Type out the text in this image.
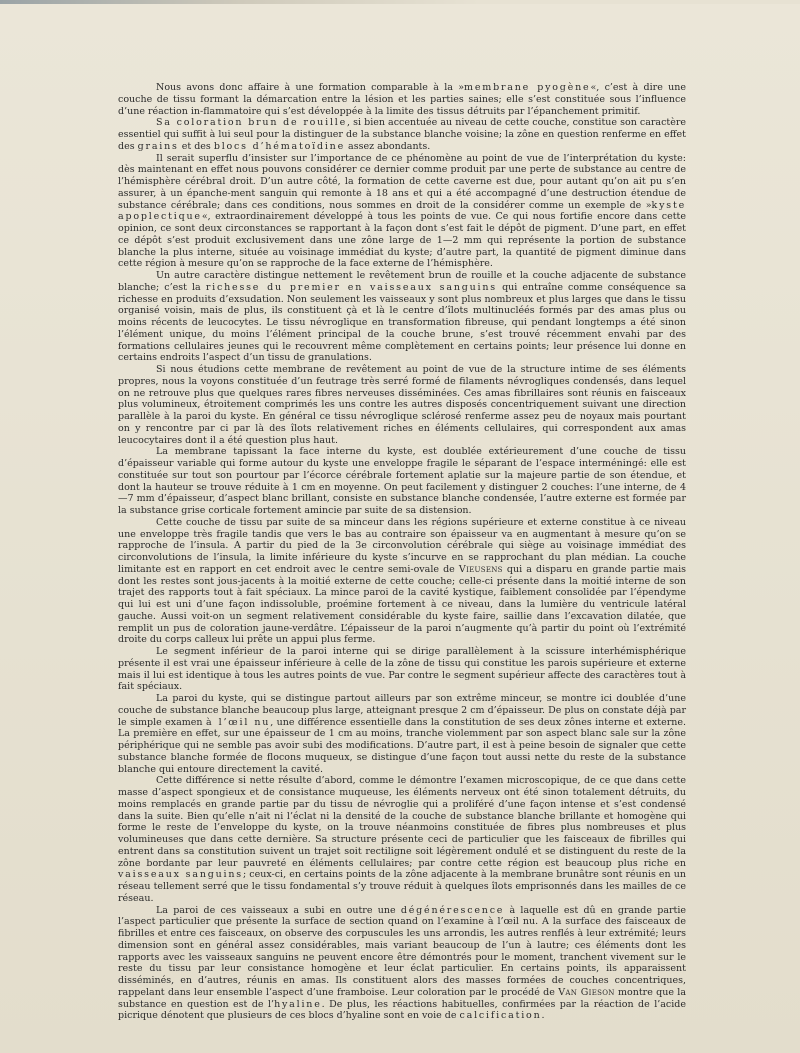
Nous avons donc affaire à une formation comparable à la »membrane pyogène«, c’est à dire une couche de tissu formant la démarcation entre la lésion et les parties saines; elle s’est constituée sous l’influence d’une réaction in-flammatoire qui s’est développée à la limite des tissus détruits par l’épanchement primitif.

Sa coloration brun de rouille, si bien accentuée au niveau de cette couche, constitue son caractère essentiel qui suffit à lui seul pour la distinguer de la substance blanche voisine; la zône en question renferme en effet des grains et des blocs d’hématoïdine assez abondants.

Il serait superflu d’insister sur l’importance de ce phénomène au point de vue de l’interprétation du kyste: dès maintenant en effet nous pouvons considérer ce dernier comme produit par une perte de substance au centre de l’hémisphère cérébral droit. D’un autre côté, la formation de cette caverne est due, pour autant qu’on ait pu s’en assurer, à un épanche-ment sanguin qui remonte à 18 ans et qui a été accompagné d’une destruction étendue de substance cérébrale; dans ces conditions, nous sommes en droit de la considérer comme un exemple de »kyste apoplectique«, extraordinairement développé à tous les points de vue. Ce qui nous fortifie encore dans cette opinion, ce sont deux circonstances se rapportant à la façon dont s’est fait le dépôt de pigment. D’une part, en effet ce dépôt s’est produit exclusivement dans une zône large de 1—2 mm qui représente la portion de substance blanche la plus interne, située au voisinage immédiat du kyste; d’autre part, la quantité de pigment diminue dans cette région à mesure qu’on se rapproche de la face externe de l’hémisphère.

Un autre caractère distingue nettement le revêtement brun de rouille et la couche adjacente de substance blanche; c’est la richesse du premier en vaisseaux sanguins qui entraîne comme conséquence sa richesse en produits d’exsudation. Non seulement les vaisseaux y sont plus nombreux et plus larges que dans le tissu organisé voisin, mais de plus, ils constituent çà et là le centre d’îlots multinucléés formés par des amas plus ou moins récents de leucocytes. Le tissu névroglique en transformation fibreuse, qui pendant longtemps a été sinon l’élément unique, du moins l’élément principal de la couche brune, s’est trouvé récemment envahi par des formations cellulaires jeunes qui le recouvrent même complètement en certains points; leur présence lui donne en certains endroits l’aspect d’un tissu de granulations.

Si nous étudions cette membrane de revêtement au point de vue de la structure intime de ses éléments propres, nous la voyons constituée d’un feutrage très serré formé de filaments névrogliques condensés, dans lequel on ne retrouve plus que quelques rares fibres nerveuses disséminées. Ces amas fibrillaires sont réunis en faisceaux plus volumineux, étroitement comprimés les uns contre les autres disposés concentriquement suivant une direction parallèle à la paroi du kyste. En général ce tissu névroglique sclérosé renferme assez peu de noyaux mais pourtant on y rencontre par ci par là des îlots relativement riches en éléments cellulaires, qui correspondent aux amas leucocytaires dont il a été question plus haut.

La membrane tapissant la face interne du kyste, est doublée extérieurement d’une couche de tissu d’épaisseur variable qui forme autour du kyste une enveloppe fragile le séparant de l’espace interméningé: elle est constituée sur tout son pourtour par l’écorce cérébrale fortement aplatie sur la majeure partie de son étendue, et dont la hauteur se trouve réduite à 1 cm en moyenne. On peut facilement y distinguer 2 couches: l’une interne, de 4—7 mm d’épaisseur, d’aspect blanc brillant, consiste en substance blanche condensée, l’autre externe est formée par la substance grise corticale fortement amincie par suite de sa distension.

Cette couche de tissu par suite de sa minceur dans les régions supérieure et externe constitue à ce niveau une enveloppe très fragile tandis que vers le bas au contraire son épaisseur va en augmentant à mesure qu’on se rapproche de l’insula. A partir du pied de la 3e circonvolution cérébrale qui siège au voisinage immédiat des circonvolutions de l’insula, la limite inférieure du kyste s’incurve en se rapprochant du plan médian. La couche limitante est en rapport en cet endroit avec le centre semi-ovale de Vieusens qui a disparu en grande partie mais dont les restes sont jous-jacents à la moitié externe de cette couche; celle-ci présente dans la moitié interne de son trajet des rapports tout à fait spéciaux. La mince paroi de la cavité kystique, faiblement consolidée par l’épendyme qui lui est uni d’une façon indissoluble, proémine fortement à ce niveau, dans la lumière du ventricule latéral gauche. Aussi voit-on un segment relativement considérable du kyste faire, saillie dans l’excavation dilatée, que remplit un pus de coloration jaune-verdâtre. L’épaisseur de la paroi n’augmente qu’à partir du point où l’extrémité droite du corps calleux lui prête un appui plus ferme.

Le segment inférieur de la paroi interne qui se dirige parallèlement à la scissure interhémisphérique présente il est vrai une épaisseur inférieure à celle de la zône de tissu qui constitue les parois supérieure et externe mais il lui est identique à tous les autres points de vue. Par contre le segment supérieur affecte des caractères tout à fait spéciaux.

La paroi du kyste, qui se distingue partout ailleurs par son extrême minceur, se montre ici doublée d’une couche de substance blanche beaucoup plus large, atteignant presque 2 cm d’épaisseur. De plus on constate déjà par le simple examen à l’œil nu, une différence essentielle dans la constitution de ses deux zônes interne et externe. La première en effet, sur une épaisseur de 1 cm au moins, tranche violemment par son aspect blanc sale sur la zône périphérique qui ne semble pas avoir subi des modifications. D’autre part, il est à peine besoin de signaler que cette substance blanche formée de flocons muqueux, se distingue d’une façon tout aussi nette du reste de la substance blanche qui entoure directement la cavité.

Cette différence si nette résulte d’abord, comme le démontre l’examen microscopique, de ce que dans cette masse d’aspect spongieux et de consistance muqueuse, les éléments nerveux ont été sinon totalement détruits, du moins remplacés en grande partie par du tissu de névroglie qui a proliféré d’une façon intense et s’est condensé dans la suite. Bien qu’elle n’ait ni l’éclat ni la densité de la couche de substance blanche brillante et homogène qui forme le reste de l’enveloppe du kyste, on la trouve néanmoins constituée de fibres plus nombreuses et plus volumineuses que dans cette dernière. Sa structure présente ceci de particulier que les faisceaux de fibrilles qui entrent dans sa constitution suivent un trajet soit rectiligne soit légèrement ondulé et se distinguent du reste de la zône bordante par leur pauvreté en éléments cellulaires; par contre cette région est beaucoup plus riche en vaisseaux sanguins; ceux-ci, en certains points de la zône adjacente à la membrane brunâtre sont réunis en un réseau tellement serré que le tissu fondamental s’y trouve réduit à quelques îlots emprisonnés dans les mailles de ce réseau.

La paroi de ces vaisseaux a subi en outre une dégénérescence à laquelle est dû en grande partie l’aspect particulier que présente la surface de section quand on l’examine à l’œil nu. A la surface des faisceaux de fibrilles et entre ces faisceaux, on observe des corpuscules les uns arrondis, les autres renflés à leur extrémité; leurs dimension sont en général assez considérables, mais variant beaucoup de l’un à lautre; ces éléments dont les rapports avec les vaisseaux sanguins ne peuvent encore être démontrés pour le moment, tranchent vivement sur le reste du tissu par leur consistance homogène et leur éclat particulier. En certains points, ils apparaissent disséminés, en d’autres, réunis en amas. Ils constituent alors des masses formées de couches concentriques, rappelant dans leur ensemble l’aspect d’une framboise. Leur coloration par le procédé de Van Gieson montre que la substance en question est de l’hyaline. De plus, les réactions habituelles, confirmées par la réaction de l’acide picrique dénotent que plusieurs de ces blocs d’hyaline sont en voie de calcification.
